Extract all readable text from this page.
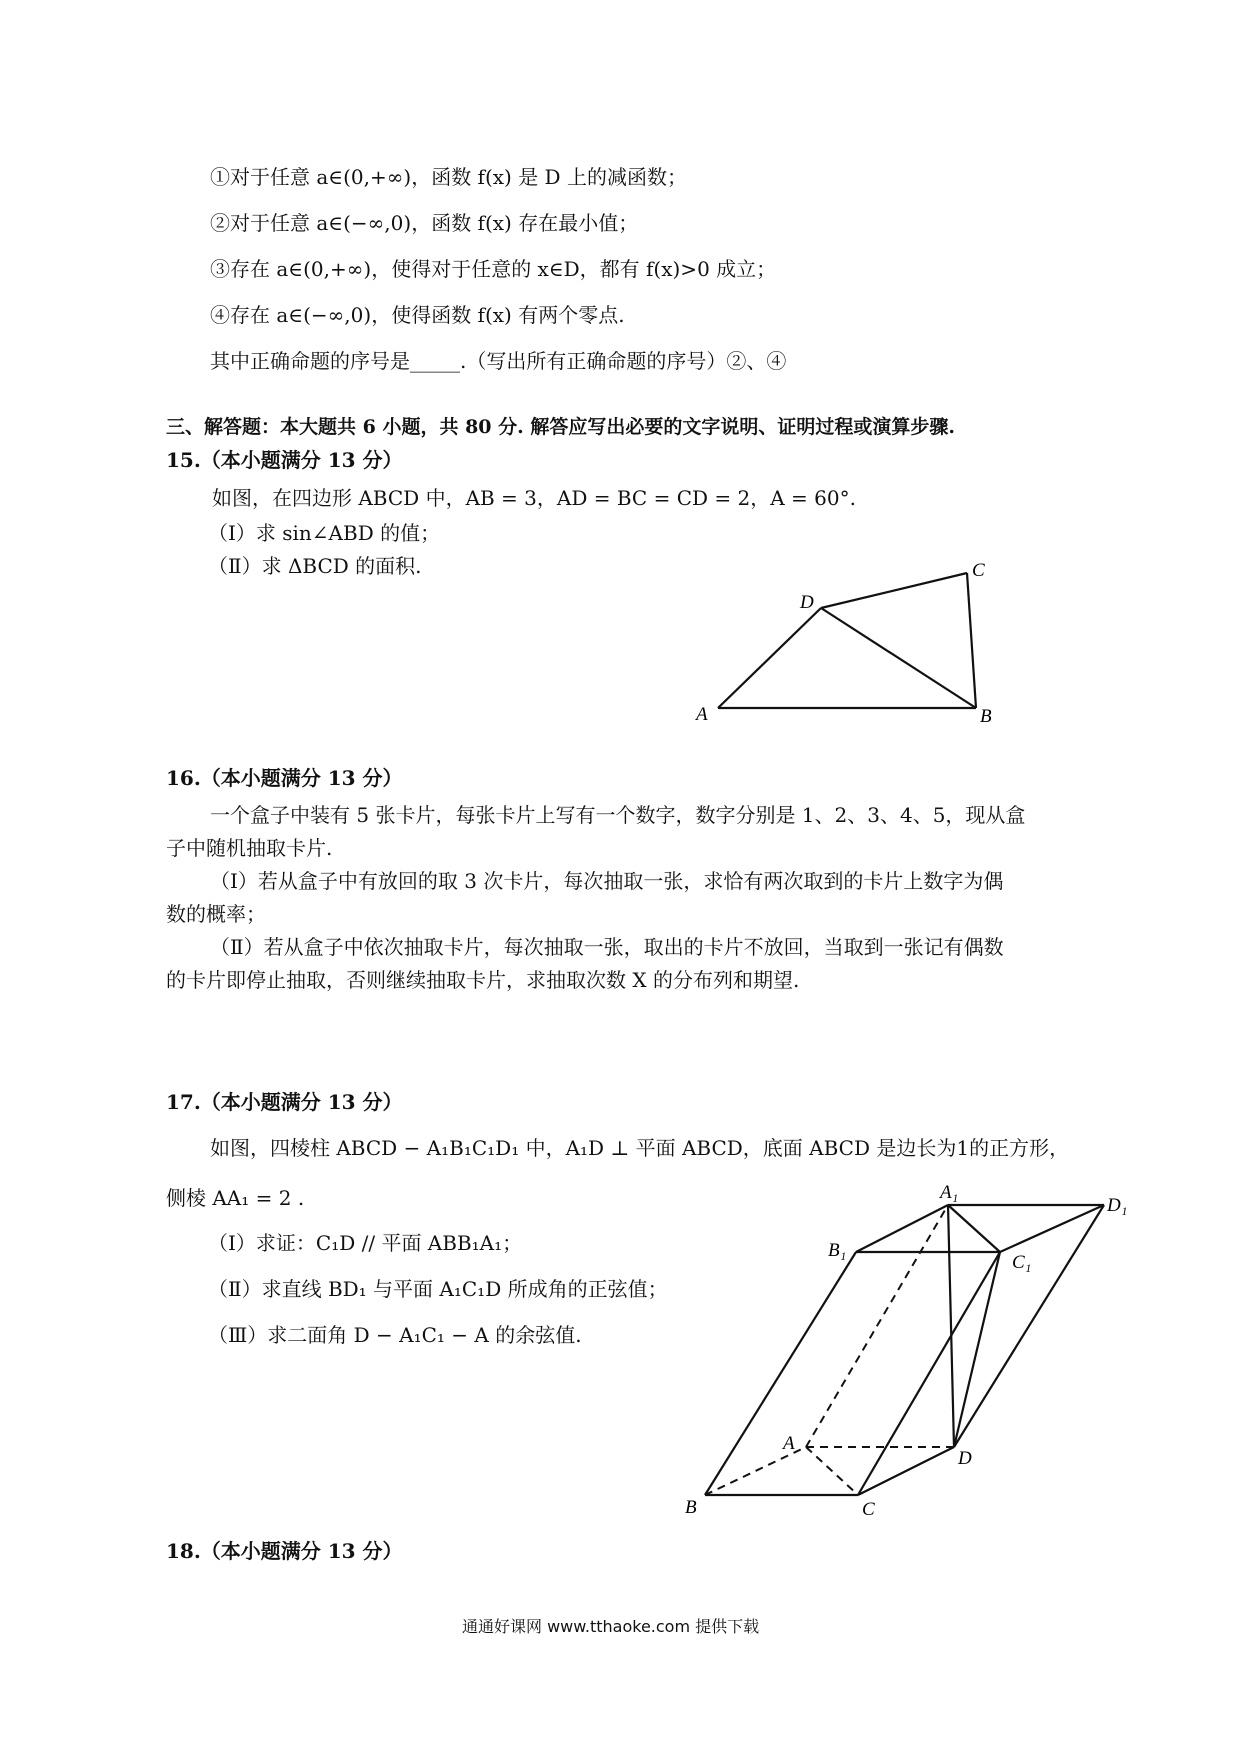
①对于任意 a∈(0,+∞)，函数 f(x) 是 D 上的减函数；
②对于任意 a∈(−∞,0)，函数 f(x) 存在最小值；
③存在 a∈(0,+∞)，使得对于任意的 x∈D，都有 f(x)>0 成立；
④存在 a∈(−∞,0)，使得函数 f(x) 有两个零点.
其中正确命题的序号是_____.（写出所有正确命题的序号）②、④
三、解答题：本大题共 6 小题，共 80 分. 解答应写出必要的文字说明、证明过程或演算步骤.
15.（本小题满分 13 分）
如图，在四边形 ABCD 中，AB = 3，AD = BC = CD = 2，A = 60°.
（Ⅰ）求 sin∠ABD 的值；
（Ⅱ）求 ΔBCD 的面积.
A	B
C
D
16.（本小题满分 13 分）
一个盒子中装有 5 张卡片，每张卡片上写有一个数字，数字分别是 1、2、3、4、5，现从盒
子中随机抽取卡片.
（Ⅰ）若从盒子中有放回的取 3 次卡片，每次抽取一张，求恰有两次取到的卡片上数字为偶
数的概率；
（Ⅱ）若从盒子中依次抽取卡片，每次抽取一张，取出的卡片不放回，当取到一张记有偶数
的卡片即停止抽取，否则继续抽取卡片，求抽取次数 X 的分布列和期望.
17.（本小题满分 13 分）
如图，四棱柱 ABCD − A₁B₁C₁D₁ 中，A₁D ⊥ 平面 ABCD，底面 ABCD 是边长为1的正方形，
侧棱 AA₁ = 2 .
（Ⅰ）求证：C₁D // 平面 ABB₁A₁；
（Ⅱ）求直线 BD₁ 与平面 A₁C₁D 所成角的正弦值；
（Ⅲ）求二面角 D − A₁C₁ − A 的余弦值.
A₁
D₁
B₁
C₁
A
D
B	C
18.（本小题满分 13 分）
通通好课网 www.tthaoke.com 提供下载
